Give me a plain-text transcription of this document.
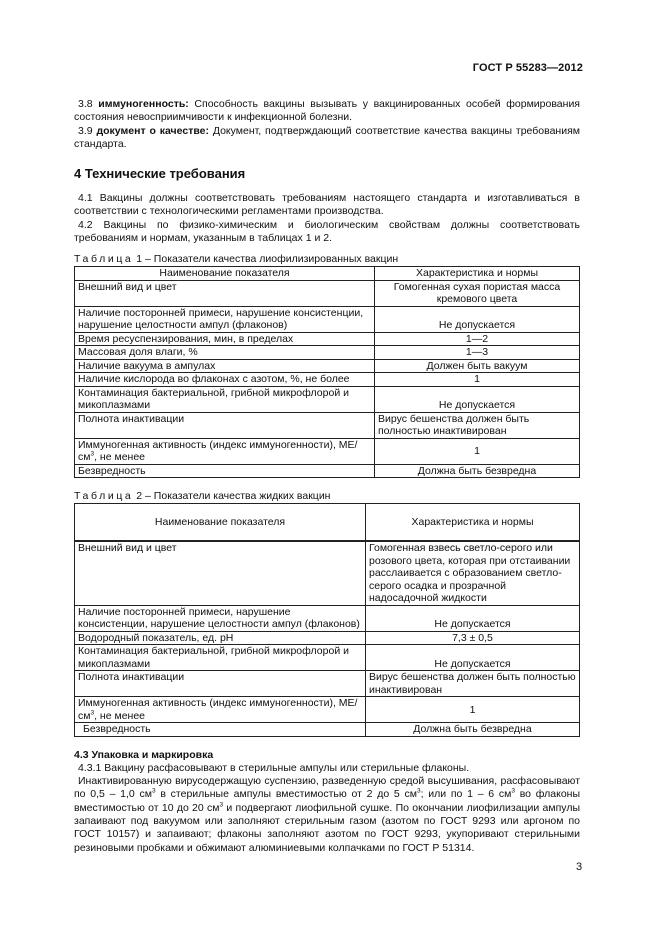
ГОСТ Р 55283—2012

3.8 иммуногенность: Способность вакцины вызывать у вакцинированных особей формирования состояния невосприимчивости к инфекционной болезни.

3.9 документ о качестве: Документ, подтверждающий соответствие качества вакцины требованиям стандарта.

4 Технические требования

4.1 Вакцины должны соответствовать требованиям настоящего стандарта и изготавливаться в соответствии с технологическими регламентами производства.

4.2 Вакцины по физико-химическим и биологическим свойствам должны соответствовать требованиям и нормам, указанным в таблицах 1 и 2.

Таблица 1 – Показатели качества лиофилизированных вакцин
Наименование показателя	Характеристика и нормы
Внешний вид и цвет	Гомогенная сухая пористая масса кремового цвета
Наличие посторонней примеси, нарушение консистенции, нарушение целостности ампул (флаконов)	Не допускается
Время ресуспензирования, мин, в пределах	1—2
Массовая доля влаги, %	1—3
Наличие вакуума в ампулах	Должен быть вакуум
Наличие кислорода во флаконах с азотом, %, не более	1
Контаминация бактериальной, грибной микрофлорой и микоплазмами	Не допускается
Полнота инактивации	Вирус бешенства должен быть полностью инактивирован
Иммуногенная активность (индекс иммуногенности), $МЕ/см^3$, не менее	1
Безвредность	Должна быть безвредна
Таблица 2 – Показатели качества жидких вакцин
Наименование показателя	Характеристика и нормы
Внешний вид и цвет	Гомогенная взвесь светло-серого или розового цвета, которая при отстаивании расслаивается с образованием светло-серого осадка и прозрачной надосадочной жидкости
Наличие посторонней примеси, нарушение консистенции, нарушение целостности ампул (флаконов)	Не допускается
Водородный показатель, ед. рН	7,3 ± 0,5
Контаминация бактериальной, грибной микрофлорой и микоплазмами	Не допускается
Полнота инактивации	Вирус бешенства должен быть полностью инактивирован
Иммуногенная активность (индекс иммуногенности), $МЕ/см^3$, не менее	1
Безвредность	Должна быть безвредна
4.3 Упаковка и маркировка

4.3.1 Вакцину расфасовывают в стерильные ампулы или стерильные флаконы.

Инактивированную вирусодержащую суспензию, разведенную средой высушивания, расфасовывают по 0,5 – 1,0 $см^3$ в стерильные ампулы вместимостью от 2 до 5 $см^3$; или по 1 – 6 $см^3$ во флаконы вместимостью от 10 до 20 $см^3$ и подвергают лиофильной сушке. По окончании лиофилизации ампулы запаивают под вакуумом или заполняют стерильным газом (азотом по ГОСТ 9293 или аргоном по ГОСТ 10157) и запаивают; флаконы заполняют азотом по ГОСТ 9293, укупоривают стерильными резиновыми пробками и обжимают алюминиевыми колпачками по ГОСТ Р 51314.

3
